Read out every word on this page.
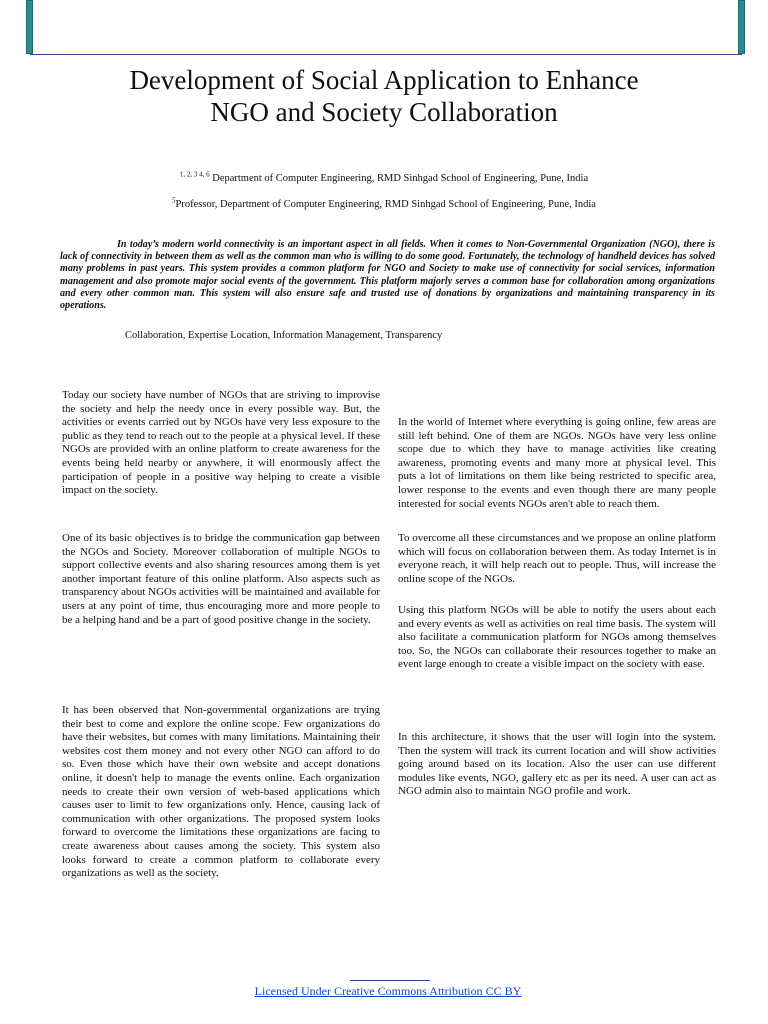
Development of Social Application to Enhance
NGO and Society Collaboration
$^{1, 2, 3 4, 6}$ Department of Computer Engineering, RMD Sinhgad School of Engineering, Pune, India
$^5$Professor, Department of Computer Engineering, RMD Sinhgad School of Engineering, Pune, India
In today’s modern world connectivity is an important aspect in all fields. When it comes to Non-Governmental Organization (NGO), there is lack of connectivity in between them as well as the common man who is willing to do some good. Fortunately, the technology of handheld devices has solved many problems in past years. This system provides a common platform for NGO and Society to make use of connectivity for social services, information management and also promote major social events of the government. This platform majorly serves a common base for collaboration among organizations and every other common man. This system will also ensure safe and trusted use of donations by organizations and maintaining transparency in its operations.
Collaboration, Expertise Location, Information Management, Transparency

Today our society have number of NGOs that are striving to improvise the society and help the needy once in every possible way. But, the activities or events carried out by NGOs have very less exposure to the public as they tend to reach out to the people at a physical level. If these NGOs are provided with an online platform to create awareness for the events being held nearby or anywhere, it will enormously affect the participation of people in a positive way helping to create a visible impact on the society.

One of its basic objectives is to bridge the communication gap between the NGOs and Society. Moreover collaboration of multiple NGOs to support collective events and also sharing resources among them is yet another important feature of this online platform. Also aspects such as transparency about NGOs activities will be maintained and available for users at any point of time, thus encouraging more and more people to be a helping hand and be a part of good positive change in the society.

It has been observed that Non-governmental organizations are trying their best to come and explore the online scope. Few organizations do have their websites, but comes with many limitations. Maintaining their websites cost them money and not every other NGO can afford to do so. Even those which have their own website and accept donations online, it doesn't help to manage the events online. Each organization needs to create their own version of web-based applications which causes user to limit to few organizations only. Hence, causing lack of communication with other organizations. The proposed system looks forward to overcome the limitations these organizations are facing to create awareness about causes among the society. This system also looks forward to create a common platform to collaborate every organizations as well as the society.

In the world of Internet where everything is going online, few areas are still left behind. One of them are NGOs. NGOs have very less online scope due to which they have to manage activities like creating awareness, promoting events and many more at physical level. This puts a lot of limitations on them like being restricted to specific area, lower response to the events and even though there are many people interested for social events NGOs aren't able to reach them.

To overcome all these circumstances and we propose an online platform which will focus on collaboration between them. As today Internet is in everyone reach, it will help reach out to people. Thus, will increase the online scope of the NGOs.

Using this platform NGOs will be able to notify the users about each and every events as well as activities on real time basis. The system will also facilitate a communication platform for NGOs among themselves too. So, the NGOs can collaborate their resources together to make an event large enough to create a visible impact on the society with ease.

In this architecture, it shows that the user will login into the system. Then the system will track its current location and will show activities going around based on its location. Also the user can use different modules like events, NGO, gallery etc as per its need. A user can act as NGO admin also to maintain NGO profile and work.

Licensed Under Creative Commons Attribution CC BY
